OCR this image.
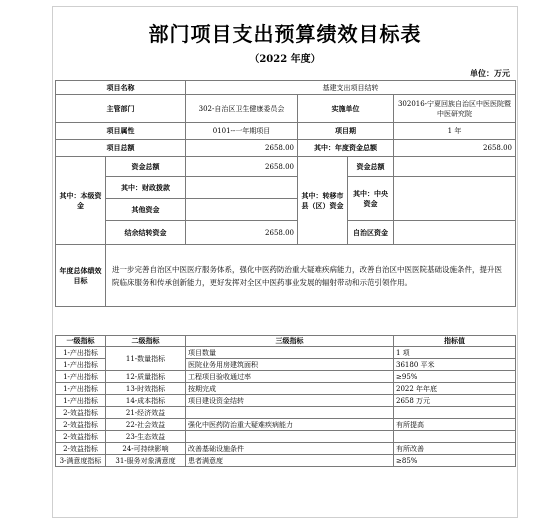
部门项目支出预算绩效目标表
（2022 年度）
单位：万元
项目名称		基建支出项目结转			
主管部门		302-自治区卫生健康委员会	实施单位		302016-宁夏回族自治区中医医院暨中医研究院
项目属性		0101--一年期项目	项目期		1 年
项目总额		2658.00	其中：年度资金总额		2658.00
其中：本级资金	资金总额	2658.00	其中：转移市县（区）资金	资金总额	
	其中：财政拨款			其中：中央资金	
	其他资金				
	结余结转资金	2658.00		自治区资金	
年度总体绩效目标	进一步完善自治区中医医疗服务体系，强化中医药防治重大疑难疾病能力，改善自治区中医医院基础设施条件，提升医院临床服务和传承创新能力，更好发挥对全区中医药事业发展的辐射带动和示范引领作用。				
一级指标	二级指标	三级指标	指标值
1-产出指标	11-数量指标	项目数量	1 项
1-产出指标		医院业务用房建筑面积	36180 平米
1-产出指标	12-质量指标	工程项目验收通过率	≥95%
1-产出指标	13-时效指标	按期完成	2022 年年底
1-产出指标	14-成本指标	项目建设资金结转	2658 万元
2-效益指标	21-经济效益		
2-效益指标	22-社会效益	强化中医药防治重大疑难疾病能力	有所提高
2-效益指标	23-生态效益		
2-效益指标	24-可持续影响	改善基础设施条件	有所改善
3-满意度指标	31-服务对象满意度	患者满意度	≥85%
